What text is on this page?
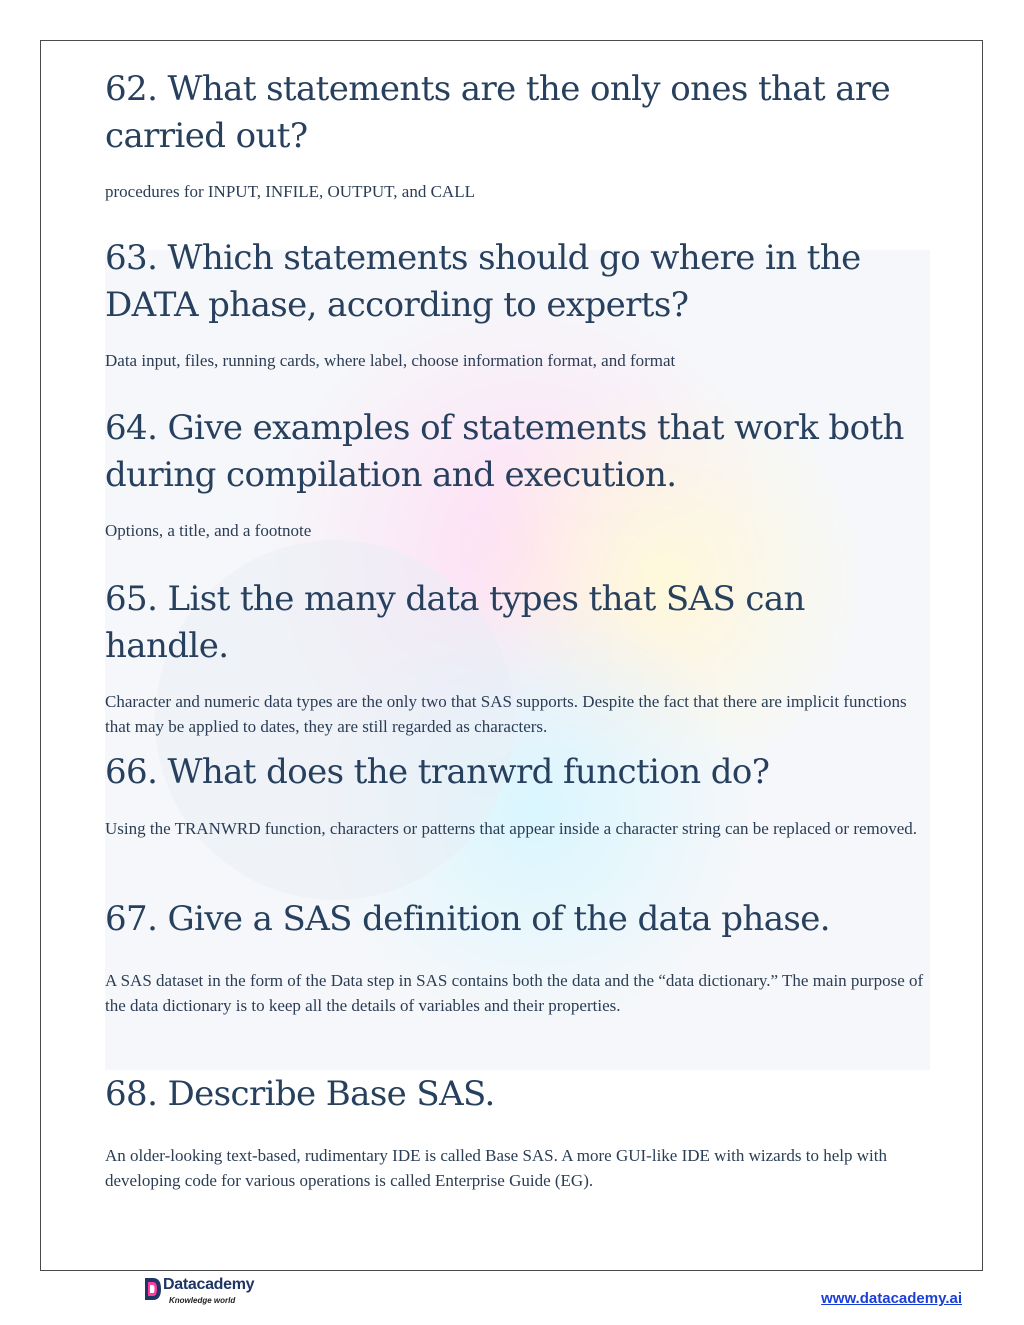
62. What statements are the only ones that are carried out?

procedures for INPUT, INFILE, OUTPUT, and CALL

63. Which statements should go where in the DATA phase, according to experts?

Data input, files, running cards, where label, choose information format, and format

64. Give examples of statements that work both during compilation and execution.

Options, a title, and a footnote

65. List the many data types that SAS can handle.

Character and numeric data types are the only two that SAS supports. Despite the fact that there are implicit functions that may be applied to dates, they are still regarded as characters.

66. What does the tranwrd function do?

Using the TRANWRD function, characters or patterns that appear inside a character string can be replaced or removed.

67. Give a SAS definition of the data phase.

A SAS dataset in the form of the Data step in SAS contains both the data and the “data dictionary.” The main purpose of the data dictionary is to keep all the details of variables and their properties.

68. Describe Base SAS.

An older-looking text-based, rudimentary IDE is called Base SAS. A more GUI-like IDE with wizards to help with developing code for various operations is called Enterprise Guide (EG).

Datacademy
Knowledge world	www.datacademy.ai
